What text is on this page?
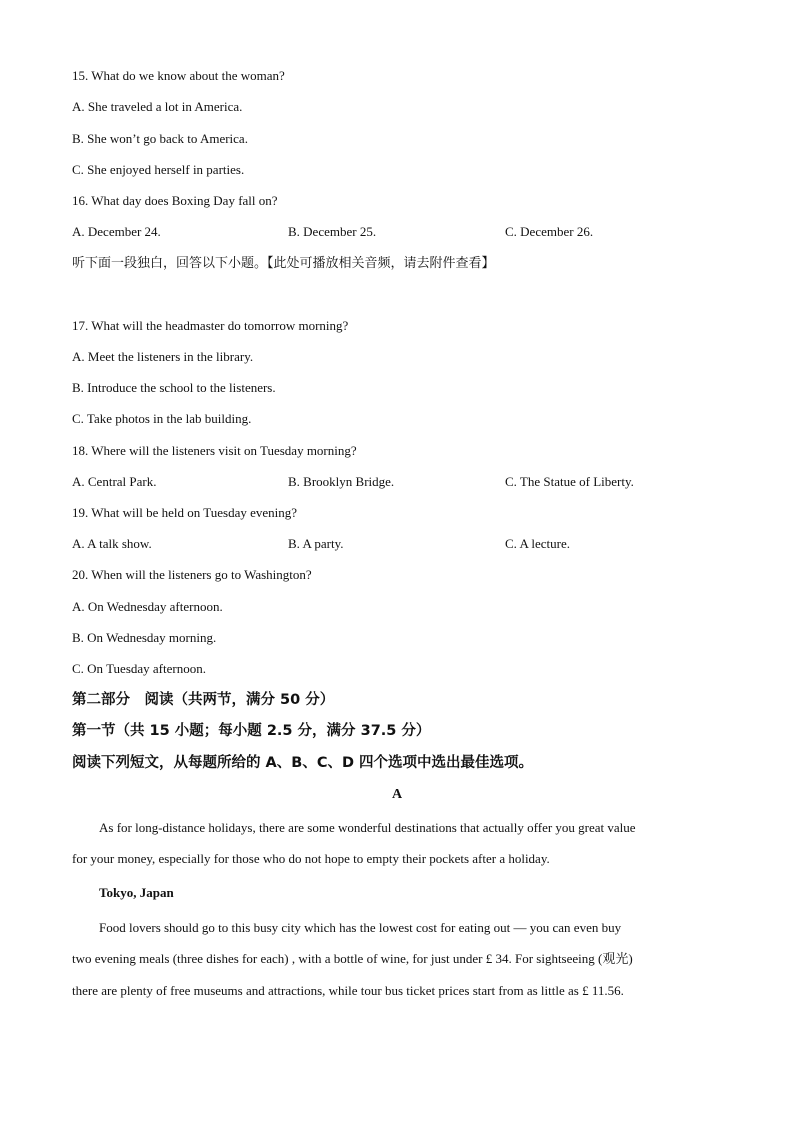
15. What do we know about the woman?
A. She traveled a lot in America.
B. She won’t go back to America.
C. She enjoyed herself in parties.
16. What day does Boxing Day fall on?
A. December 24.	B. December 25.	C. December 26.
听下面一段独白，回答以下小题。【此处可播放相关音频，请去附件查看】
17. What will the headmaster do tomorrow morning?
A. Meet the listeners in the library.
B. Introduce the school to the listeners.
C. Take photos in the lab building.
18. Where will the listeners visit on Tuesday morning?
A. Central Park.	B. Brooklyn Bridge.	C. The Statue of Liberty.
19. What will be held on Tuesday evening?
A. A talk show.	B. A party.	C. A lecture.
20. When will the listeners go to Washington?
A. On Wednesday afternoon.
B. On Wednesday morning.
C. On Tuesday afternoon.
第二部分　阅读（共两节，满分 50 分）
第一节（共 15 小题；每小题 2.5 分，满分 37.5 分）
阅读下列短文，从每题所给的 A、B、C、D 四个选项中选出最佳选项。
A
As for long-distance holidays, there are some wonderful destinations that actually offer you great value
for your money, especially for those who do not hope to empty their pockets after a holiday.
Tokyo, Japan
Food lovers should go to this busy city which has the lowest cost for eating out — you can even buy
two evening meals (three dishes for each) , with a bottle of wine, for just under £ 34. For sightseeing (观光)
there are plenty of free museums and attractions, while tour bus ticket prices start from as little as £ 11.56.
